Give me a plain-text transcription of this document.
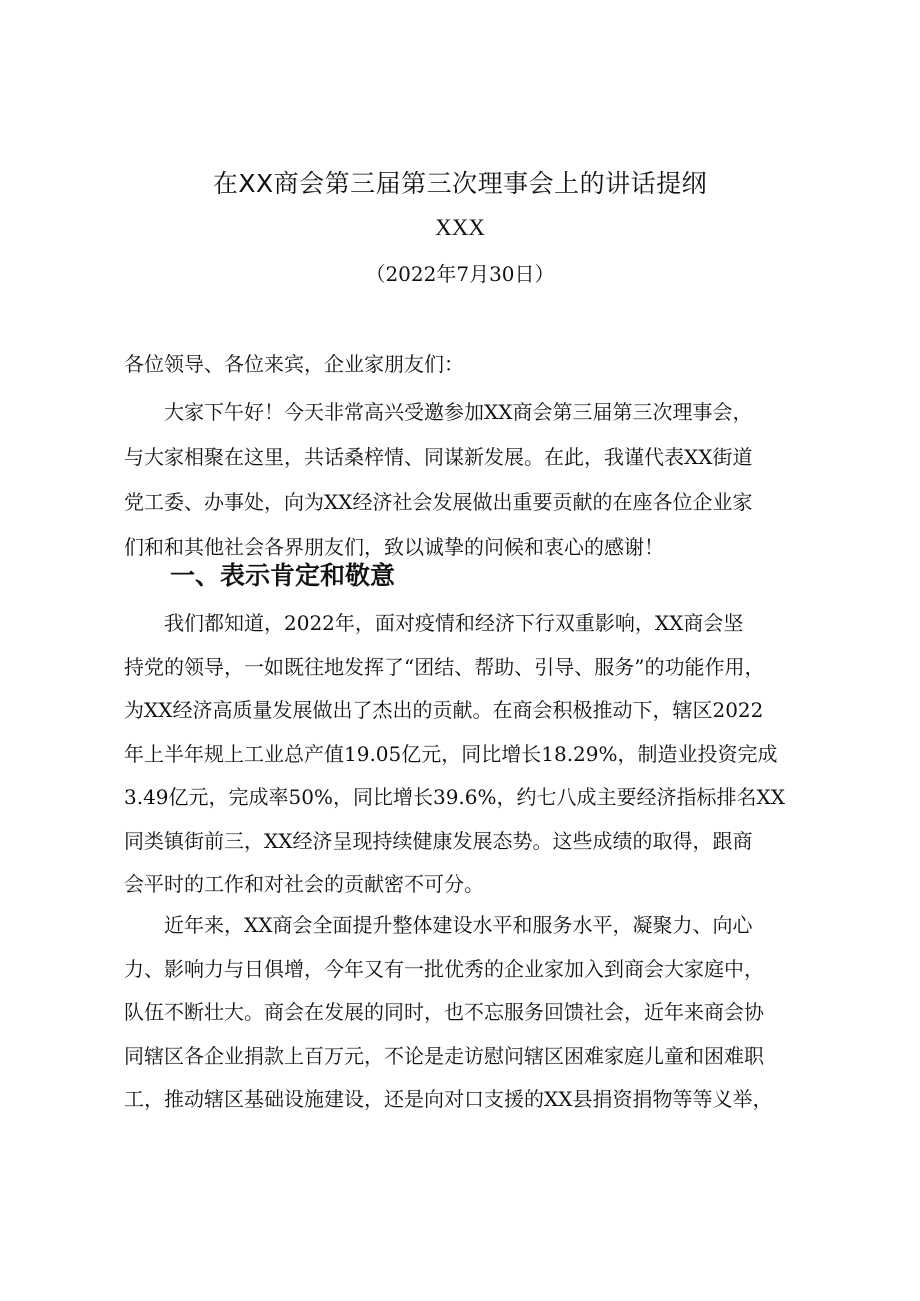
在XX商会第三届第三次理事会上的讲话提纲
XXX
（2022年7月30日）
各位领导、各位来宾，企业家朋友们：
　　大家下午好！今天非常高兴受邀参加XX商会第三届第三次理事会，
与大家相聚在这里，共话桑梓情、同谋新发展。在此，我谨代表XX街道
党工委、办事处，向为XX经济社会发展做出重要贡献的在座各位企业家
们和和其他社会各界朋友们，致以诚挚的问候和衷心的感谢！
一、表示肯定和敬意
　　我们都知道，2022年，面对疫情和经济下行双重影响，XX商会坚
持党的领导，一如既往地发挥了“团结、帮助、引导、服务”的功能作用，
为XX经济高质量发展做出了杰出的贡献。在商会积极推动下，辖区2022
年上半年规上工业总产值19.05亿元，同比增长18.29%，制造业投资完成
3.49亿元，完成率50%，同比增长39.6%，约七八成主要经济指标排名XX
同类镇街前三，XX经济呈现持续健康发展态势。这些成绩的取得，跟商
会平时的工作和对社会的贡献密不可分。
　　近年来，XX商会全面提升整体建设水平和服务水平，凝聚力、向心
力、影响力与日俱增，今年又有一批优秀的企业家加入到商会大家庭中，
队伍不断壮大。商会在发展的同时，也不忘服务回馈社会，近年来商会协
同辖区各企业捐款上百万元，不论是走访慰问辖区困难家庭儿童和困难职
工，推动辖区基础设施建设，还是向对口支援的XX县捐资捐物等等义举，
